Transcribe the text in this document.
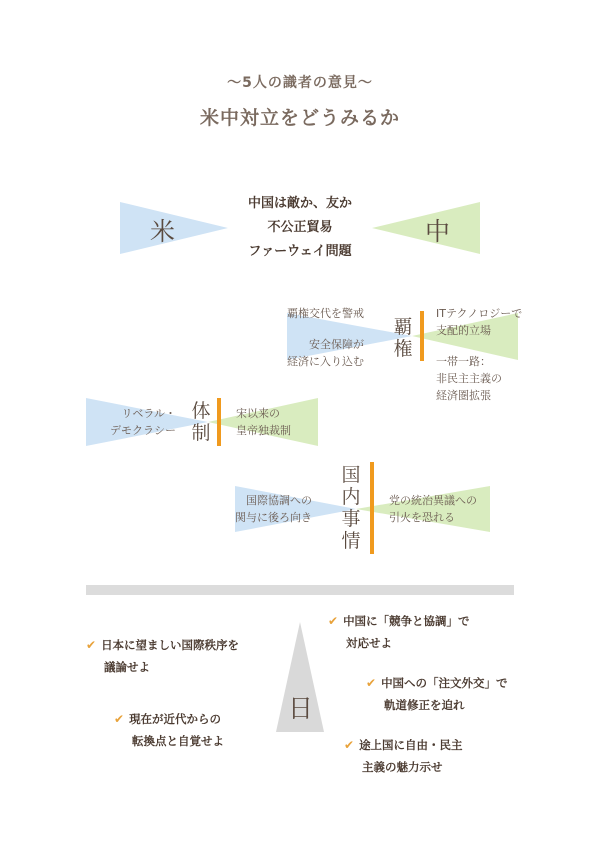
〜5人の識者の意見〜
米中対立をどうみるか
米	中
中国は敵か、友か
不公正貿易
ファーウェイ問題
覇
権
覇権交代を警戒
安全保障が
経済に入り込む
ITテクノロジーで
支配的立場
一帯一路：
非民主主義の
経済圏拡張
体
制
リベラル・
デモクラシー
宋以来の
皇帝独裁制
国
内
事
情
国際協調への
関与に後ろ向き
党の統治異議への
引火を恐れる
日
✔ 日本に望ましい国際秩序を
議論せよ
✔ 現在が近代からの
転換点と自覚せよ
✔ 中国に「競争と協調」で
対応せよ
✔ 中国への「注文外交」で
軌道修正を迫れ
✔ 途上国に自由・民主
主義の魅力示せ
